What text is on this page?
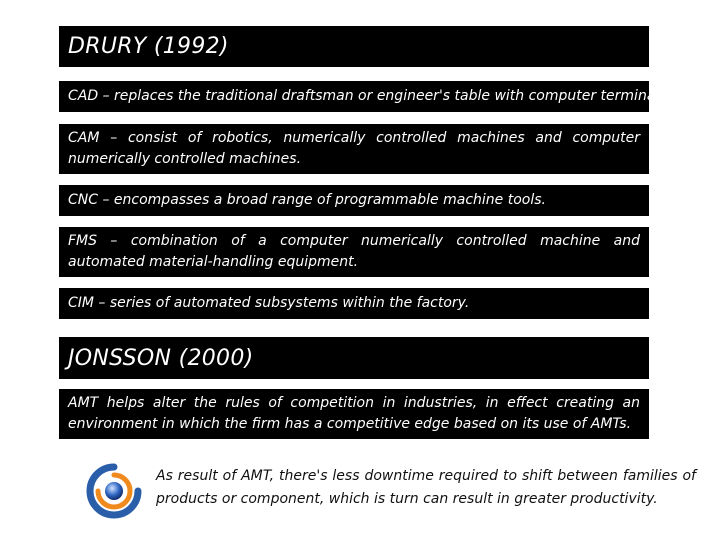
DRURY (1992)
CAD – replaces the traditional draftsman or engineer's table with computer terminal.
CAM – consist of robotics, numerically controlled machines and computer numerically controlled machines.
CNC – encompasses a broad range of programmable machine tools.
FMS – combination of a computer numerically controlled machine and automated material-handling equipment.
CIM – series of automated subsystems within the factory.
JONSSON (2000)
AMT helps alter the rules of competition in industries, in effect creating an environment in which the firm has a competitive edge based on its use of AMTs.
As result of AMT, there's less downtime required to shift between families of products or component, which is turn can result in greater productivity.
